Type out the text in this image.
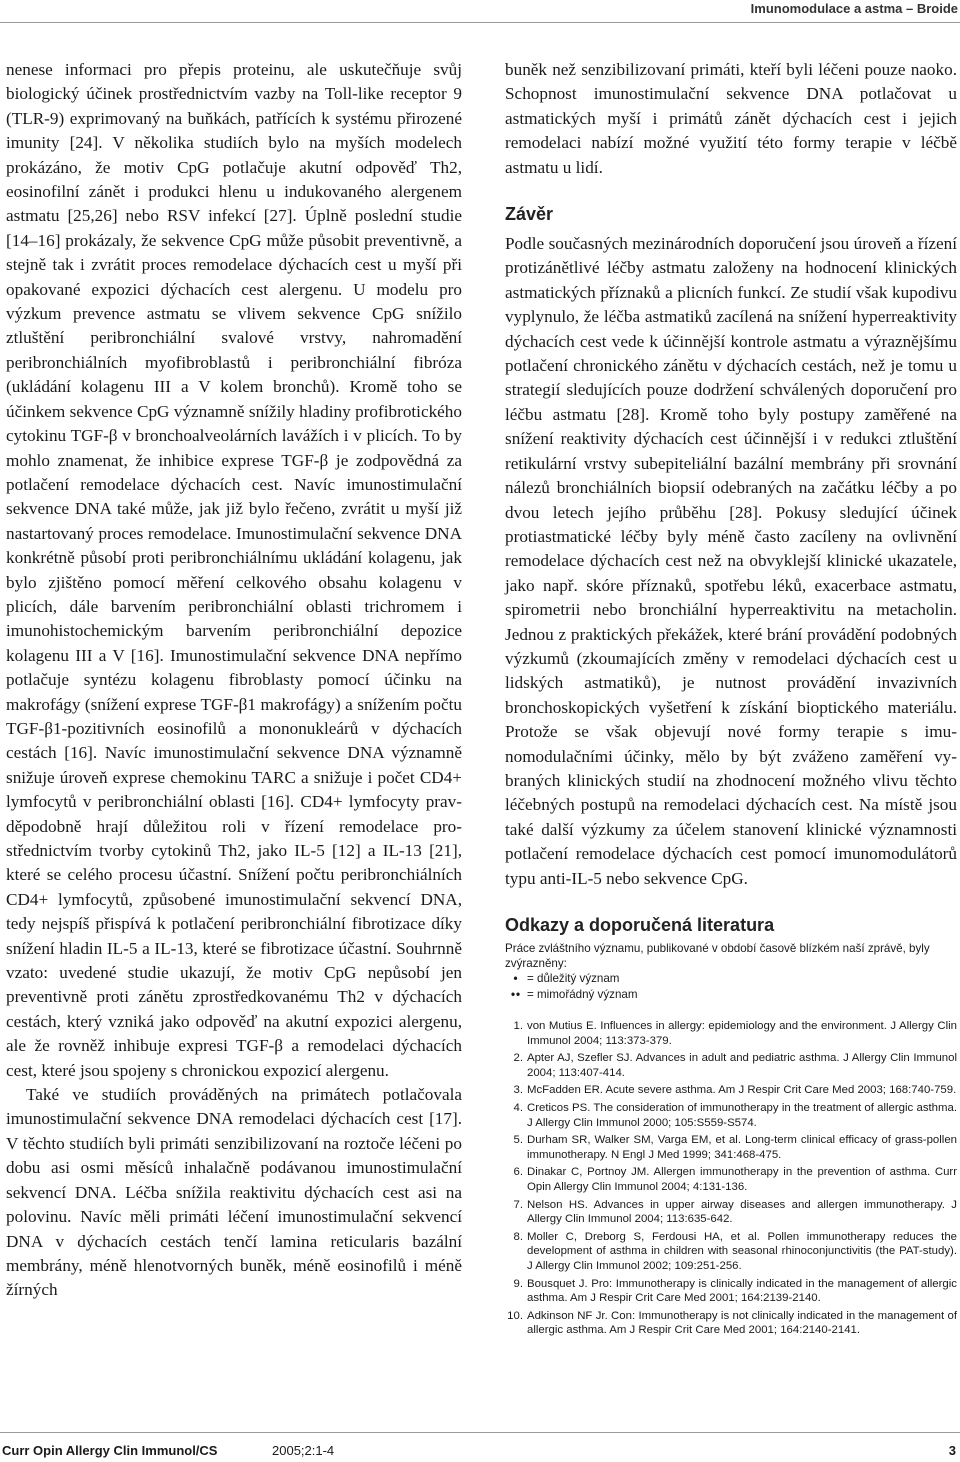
Imunomodulace a astma – Broide

nenese informaci pro přepis proteinu, ale uskutečňuje svůj biologický účinek prostřednictvím vazby na Toll-like receptor 9 (TLR-9) exprimovaný na buňkách, patřících k systému přirozené imunity [24]. V několika studiích bylo na myších modelech prokázáno, že motiv CpG potlačuje akutní odpověď Th2, eosinofilní zánět i produkci hlenu u indukovaného alergenem astmatu [25,26] nebo RSV infekcí [27]. Úplně poslední studie [14–16] prokázaly, že sekvence CpG může působit preventivně, a stejně tak i zvrátit proces remodelace dýchacích cest u myší při opakované expozici dýchacích cest alergenu. U modelu pro výzkum prevence astmatu se vlivem sekvence CpG snížilo ztluštění peribronchiální svalové vrstvy, nahromadění peribronchiálních myofibroblastů i peribronchiální fibróza (ukládání kolagenu III a V kolem bronchů). Kromě toho se účinkem sekvence CpG významně snížily hladiny profibrotického cytokinu TGF-β v bronchoalveolárních lavážích i v plicích. To by mohlo znamenat, že inhibice exprese TGF-β je zodpovědná za potlačení remodelace dýchacích cest. Navíc imunostimulační sekvence DNA také může, jak již bylo řečeno, zvrátit u myší již nastartovaný proces remodelace. Imunostimulační sekvence DNA konkrétně působí proti peribronchiálnímu ukládání kolagenu, jak bylo zjištěno pomocí měření celkového obsahu kolagenu v plicích, dále barvením peribronchiální oblasti trichromem i imunohistochemickým barvením peribronchiální depozice kolagenu III a V [16]. Imunostimulační sekvence DNA nepřímo potlačuje syntézu kolagenu fibroblasty pomocí účinku na makrofágy (snížení exprese TGF-β1 makrofágy) a snížením počtu TGF-β1-pozitivních eosinofilů a mononukleárů v dýchacích cestách [16]. Navíc imunostimulační sekvence DNA významně snižuje úroveň exprese chemokinu TARC a snižuje i počet CD4+ lymfocytů v peribronchiální oblasti [16]. CD4+ lymfocyty pravděpodobně hrají důležitou roli v řízení remodelace prostřednictvím tvorby cytokinů Th2, jako IL-5 [12] a IL-13 [21], které se celého procesu účastní. Snížení počtu peribronchiálních CD4+ lymfocytů, způsobené imunostimulační sekvencí DNA, tedy nejspíš přispívá k potlačení peribronchiální fibrotizace díky snížení hladin IL-5 a IL-13, které se fibrotizace účastní. Souhrnně vzato: uvedené studie ukazují, že motiv CpG nepůsobí jen preventivně proti zánětu zprostředkovanému Th2 v dýchacích cestách, který vzniká jako odpověď na akutní expozici alergenu, ale že rovněž inhibuje expresi TGF-β a remodelaci dýchacích cest, které jsou spojeny s chronickou expozicí alergenu.

Také ve studiích prováděných na primátech potlačovala imunostimulační sekvence DNA remodelaci dýchacích cest [17]. V těchto studiích byli primáti senzibilizovaní na roztoče léčeni po dobu asi osmi měsíců inhalačně podávanou imunostimulační sekvencí DNA. Léčba snížila reaktivitu dýchacích cest asi na polovinu. Navíc měli primáti léčení imunostimulační sekvencí DNA v dýchacích cestách tenčí lamina reticularis bazální membrány, méně hlenotvorných buněk, méně eosinofilů i méně žírných

buněk než senzibilizovaní primáti, kteří byli léčeni pouze naoko. Schopnost imunostimulační sekvence DNA potlačovat u astmatických myší i primátů zánět dýchacích cest i jejich remodelaci nabízí možné využití této formy terapie v léčbě astmatu u lidí.

Závěr

Podle současných mezinárodních doporučení jsou úroveň a řízení protizánětlivé léčby astmatu založeny na hodnocení klinických astmatických příznaků a plicních funkcí. Ze studií však kupodivu vyplynulo, že léčba astmatiků zacílená na snížení hyperreaktivity dýchacích cest vede k účinnější kontrole astmatu a výraznějšímu potlačení chronického zánětu v dýchacích cestách, než je tomu u strategií sledujících pouze dodržení schválených doporučení pro léčbu astmatu [28]. Kromě toho byly postupy zaměřené na snížení reaktivity dýchacích cest účinnější i v redukci ztluštění retikulární vrstvy subepiteliální bazální membrány při srovnání nálezů bronchiálních biopsií odebraných na začátku léčby a po dvou letech jejího průběhu [28]. Pokusy sledující účinek protiastmatické léčby byly méně často zacíleny na ovlivnění remodelace dýchacích cest než na obvyklejší klinické ukazatele, jako např. skóre příznaků, spotřebu léků, exacerbace astmatu, spirometrii nebo bronchiální hyperreaktivitu na metacholin. Jednou z praktických překážek, které brání provádění podobných výzkumů (zkoumajících změny v remodelaci dýchacích cest u lidských astmatiků), je nutnost provádění invazivních bronchoskopických vyšetření k získání bioptického materiálu. Protože se však objevují nové formy terapie s imunomodulačními účinky, mělo by být zváženo zaměření vybraných klinických studií na zhodnocení možného vlivu těchto léčebných postupů na remodelaci dýchacích cest. Na místě jsou také další výzkumy za účelem stanovení klinické významnosti potlačení remodelace dýchacích cest pomocí imunomodulátorů typu anti-IL-5 nebo sekvence CpG.

Odkazy a doporučená literatura

Práce zvláštního významu, publikované v období časově blízkém naší zprávě, byly zvýrazněny:

• = důležitý význam
•• = mimořádný význam
1. von Mutius E. Influences in allergy: epidemiology and the environment. J Allergy Clin Immunol 2004; 113:373-379.
2. Apter AJ, Szefler SJ. Advances in adult and pediatric asthma. J Allergy Clin Immunol 2004; 113:407-414.
3. McFadden ER. Acute severe asthma. Am J Respir Crit Care Med 2003; 168:740-759.
4. Creticos PS. The consideration of immunotherapy in the treatment of allergic asthma. J Allergy Clin Immunol 2000; 105:S559-S574.
5. Durham SR, Walker SM, Varga EM, et al. Long-term clinical efficacy of grass-pollen immunotherapy. N Engl J Med 1999; 341:468-475.
6. Dinakar C, Portnoy JM. Allergen immunotherapy in the prevention of asthma. Curr Opin Allergy Clin Immunol 2004; 4:131-136.
7. Nelson HS. Advances in upper airway diseases and allergen immunotherapy. J Allergy Clin Immunol 2004; 113:635-642.
8. Moller C, Dreborg S, Ferdousi HA, et al. Pollen immunotherapy reduces the development of asthma in children with seasonal rhinoconjunctivitis (the PAT-study). J Allergy Clin Immunol 2002; 109:251-256.
9. Bousquet J. Pro: Immunotherapy is clinically indicated in the management of allergic asthma. Am J Respir Crit Care Med 2001; 164:2139-2140.
10. Adkinson NF Jr. Con: Immunotherapy is not clinically indicated in the management of allergic asthma. Am J Respir Crit Care Med 2001; 164:2140-2141.
Curr Opin Allergy Clin Immunol/CS	2005;2:1-4	3
